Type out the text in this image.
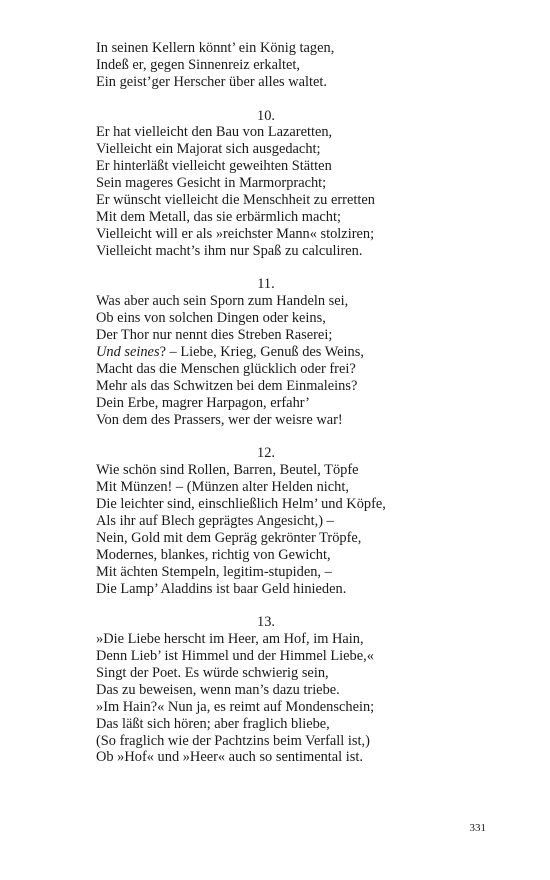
In seinen Kellern könnt’ ein König tagen,
Indeß er, gegen Sinnenreiz erkaltet,
Ein geist’ger Herscher über alles waltet.
10.
Er hat vielleicht den Bau von Lazaretten,
Vielleicht ein Majorat sich ausgedacht;
Er hinterläßt vielleicht geweihten Stätten
Sein mageres Gesicht in Marmorpracht;
Er wünscht vielleicht die Menschheit zu erretten
Mit dem Metall, das sie erbärmlich macht;
Vielleicht will er als »reichster Mann« stolziren;
Vielleicht macht’s ihm nur Spaß zu calculiren.
11.
Was aber auch sein Sporn zum Handeln sei,
Ob eins von solchen Dingen oder keins,
Der Thor nur nennt dies Streben Raserei;
Und seines? – Liebe, Krieg, Genuß des Weins,
Macht das die Menschen glücklich oder frei?
Mehr als das Schwitzen bei dem Einmaleins?
Dein Erbe, magrer Harpagon, erfahr’
Von dem des Prassers, wer der weisre war!
12.
Wie schön sind Rollen, Barren, Beutel, Töpfe
Mit Münzen! – (Münzen alter Helden nicht,
Die leichter sind, einschließlich Helm’ und Köpfe,
Als ihr auf Blech geprägtes Angesicht,) –
Nein, Gold mit dem Gepräg gekrönter Tröpfe,
Modernes, blankes, richtig von Gewicht,
Mit ächten Stempeln, legitim-stupiden, –
Die Lamp’ Aladdins ist baar Geld hinieden.
13.
»Die Liebe herscht im Heer, am Hof, im Hain,
Denn Lieb’ ist Himmel und der Himmel Liebe,«
Singt der Poet. Es würde schwierig sein,
Das zu beweisen, wenn man’s dazu triebe.
»Im Hain?« Nun ja, es reimt auf Mondenschein;
Das läßt sich hören; aber fraglich bliebe,
(So fraglich wie der Pachtzins beim Verfall ist,)
Ob »Hof« und »Heer« auch so sentimental ist.
331
